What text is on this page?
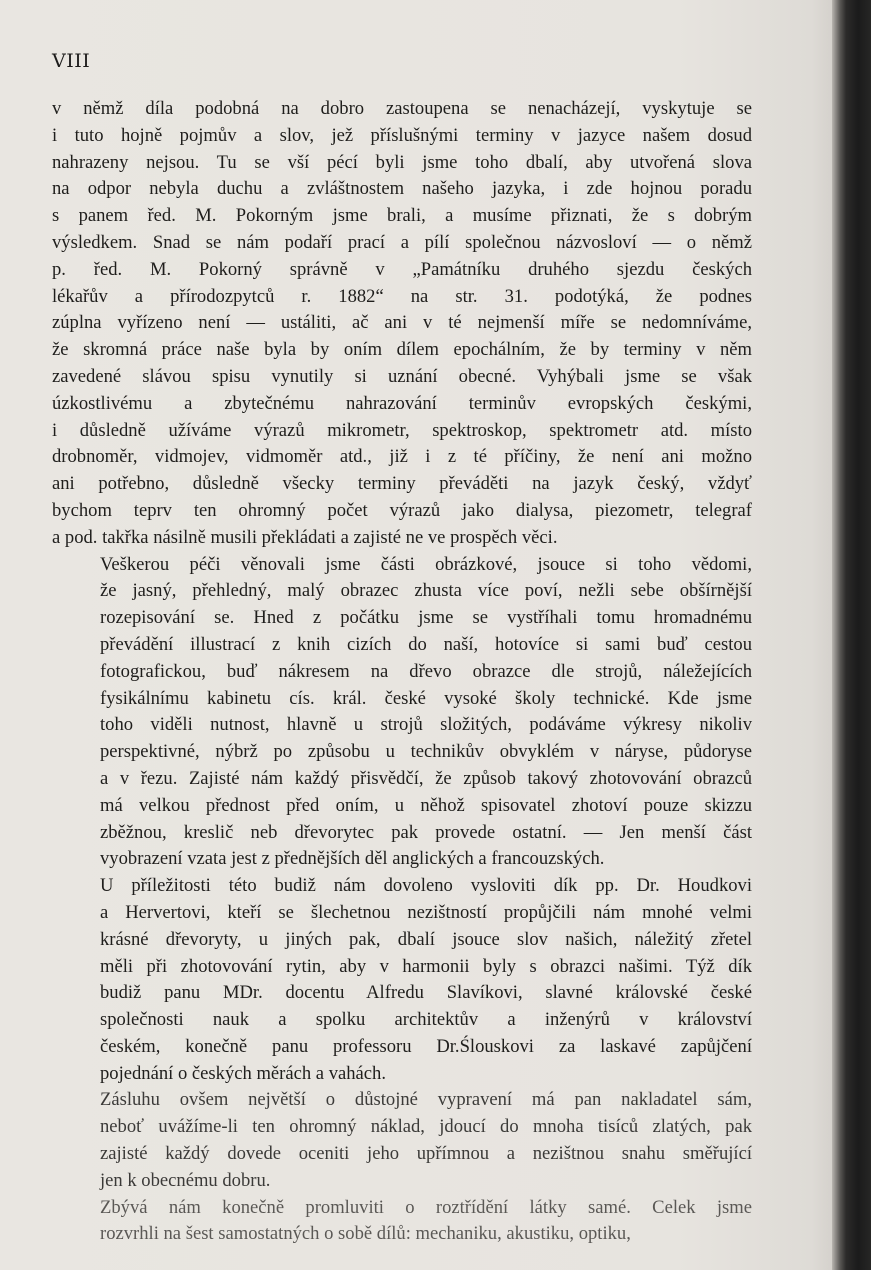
VIII

v němž díla podobná na dobro zastoupena se nenacházejí, vyskytuje se
i tuto hojně pojmův a slov, jež příslušnými terminy v jazyce našem dosud
nahrazeny nejsou. Tu se vší pécí byli jsme toho dbalí, aby utvořená slova
na odpor nebyla duchu a zvláštnostem našeho jazyka, i zde hojnou poradu
s panem řed. M. Pokorným jsme brali, a musíme přiznati, že s dobrým
výsledkem. Snad se nám podaří prací a pílí společnou názvosloví — o němž
p. řed. M. Pokorný správně v „Památníku druhého sjezdu českých
lékařův a přírodozpytců r. 1882“ na str. 31. podotýká, že podnes
zúplna vyřízeno není — ustáliti, ač ani v té nejmenší míře se nedomníváme,
že skromná práce naše byla by oním dílem epochálním, že by terminy v něm
zavedené slávou spisu vynutily si uznání obecné. Vyhýbali jsme se však
úzkostlivému a zbytečnému nahrazování terminův evropských českými,
i důsledně užíváme výrazů mikrometr, spektroskop, spektrometr atd. místo
drobnoměr, vidmojev, vidmoměr atd., již i z té příčiny, že není ani možno
ani potřebno, důsledně všecky terminy převáděti na jazyk český, vždyť
bychom teprv ten ohromný počet výrazů jako dialysa, piezometr, telegraf
a pod. takřka násilně musili překládati a zajisté ne ve prospěch věci.

Veškerou péči věnovali jsme části obrázkové, jsouce si toho vědomi,
že jasný, přehledný, malý obrazec zhusta více poví, nežli sebe obšírnější
rozepisování se. Hned z počátku jsme se vystříhali tomu hromadnému
převádění illustrací z knih cizích do naší, hotovíce si sami buď cestou
fotografickou, buď nákresem na dřevo obrazce dle strojů, náležejících
fysikálnímu kabinetu cís. král. české vysoké školy technické. Kde jsme
toho viděli nutnost, hlavně u strojů složitých, podáváme výkresy nikoliv
perspektivné, nýbrž po způsobu u technikův obvyklém v náryse, půdoryse
a v řezu. Zajisté nám každý přisvědčí, že způsob takový zhotovování obrazců
má velkou přednost před oním, u něhož spisovatel zhotoví pouze skizzu
zběžnou, kreslič neb dřevorytec pak provede ostatní. — Jen menší část
vyobrazení vzata jest z přednějších děl anglických a francouzských.

U příležitosti této budiž nám dovoleno vysloviti dík pp. Dr. Houdkovi
a Hervertovi, kteří se šlechetnou nezištností propůjčili nám mnohé velmi
krásné dřevoryty, u jiných pak, dbalí jsouce slov našich, náležitý zřetel
měli při zhotovování rytin, aby v harmonii byly s obrazci našimi. Týž dík
budiž panu MDr. docentu Alfredu Slavíkovi, slavné královské české
společnosti nauk a spolku architektův a inženýrů v království
českém, konečně panu professoru Dr.Ślouskovi za laskavé zapůjčení
pojednání o českých měrách a vahách.

Zásluhu ovšem největší o důstojné vypravení má pan nakladatel sám,
neboť uvážíme-li ten ohromný náklad, jdoucí do mnoha tisíců zlatých, pak
zajisté každý dovede oceniti jeho upřímnou a nezištnou snahu směřující
jen k obecnému dobru.

Zbývá nám konečně promluviti o roztřídění látky samé. Celek jsme
rozvrhli na šest samostatných o sobě dílů: mechaniku, akustiku, optiku,
